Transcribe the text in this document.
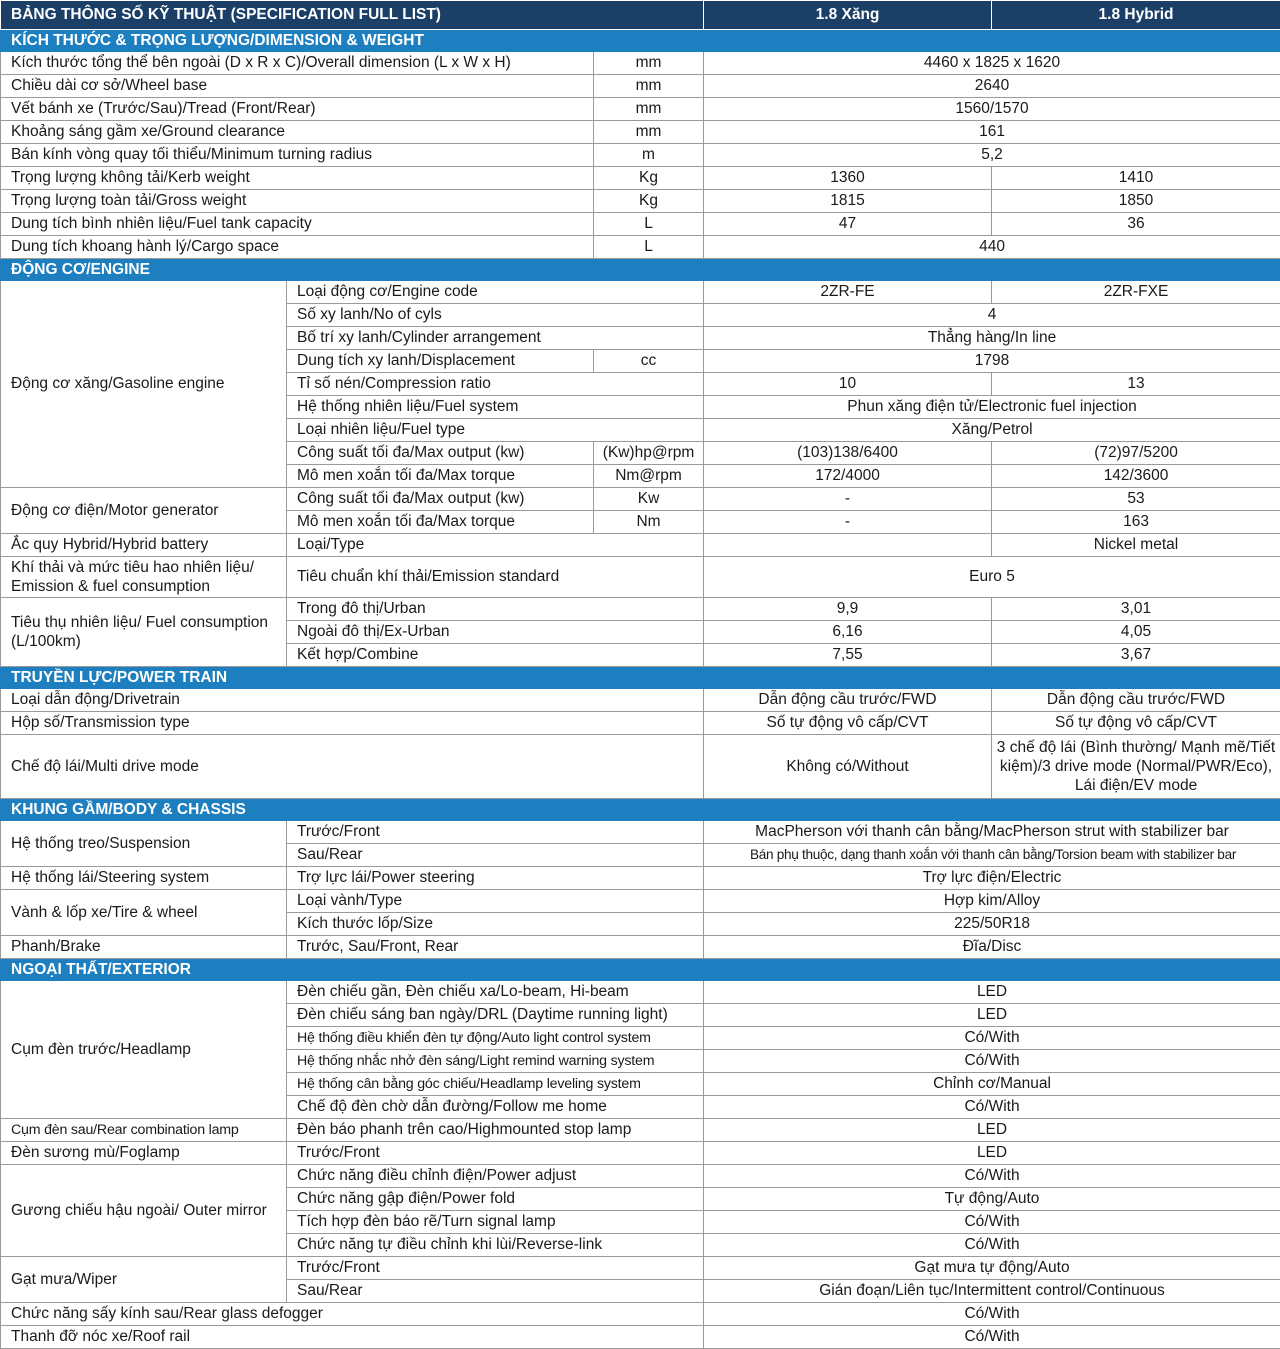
BẢNG THÔNG SỐ KỸ THUẬT (SPECIFICATION FULL LIST)			1.8 Xăng	1.8 Hybrid
KÍCH THƯỚC & TRỌNG LƯỢNG/DIMENSION & WEIGHT				
Kích thước tổng thể bên ngoài (D x R x C)/Overall dimension (L x W x H)		mm	4460 x 1825 x 1620	
Chiều dài cơ sở/Wheel base		mm	2640	
Vết bánh xe (Trước/Sau)/Tread (Front/Rear)		mm	1560/1570	
Khoảng sáng gầm xe/Ground clearance		mm	161	
Bán kính vòng quay tối thiểu/Minimum turning radius		m	5,2	
Trọng lượng không tải/Kerb weight		Kg	1360	1410
Trọng lượng toàn tải/Gross weight		Kg	1815	1850
Dung tích bình nhiên liệu/Fuel tank capacity		L	47	36
Dung tích khoang hành lý/Cargo space		L	440	
ĐỘNG CƠ/ENGINE				
Động cơ xăng/Gasoline engine	Loại động cơ/Engine code		2ZR-FE	2ZR-FXE
	Số xy lanh/No of cyls		4	
	Bố trí xy lanh/Cylinder arrangement		Thẳng hàng/In line	
	Dung tích xy lanh/Displacement	cc	1798	
	Tỉ số nén/Compression ratio		10	13
	Hệ thống nhiên liệu/Fuel system		Phun xăng điện tử/Electronic fuel injection	
	Loại nhiên liệu/Fuel type		Xăng/Petrol	
	Công suất tối đa/Max output (kw)	(Kw)hp@rpm	(103)138/6400	(72)97/5200
	Mô men xoắn tối đa/Max torque	Nm@rpm	172/4000	142/3600
Động cơ điện/Motor generator	Công suất tối đa/Max output (kw)	Kw	-	53
	Mô men xoắn tối đa/Max torque	Nm	-	163
Ắc quy Hybrid/Hybrid battery	Loại/Type			Nickel metal
Khí thải và mức tiêu hao nhiên liệu/ Emission & fuel consumption	Tiêu chuẩn khí thải/Emission standard		Euro 5	
Tiêu thụ nhiên liệu/ Fuel consumption (L/100km)	Trong đô thị/Urban		9,9	3,01
	Ngoài đô thị/Ex-Urban		6,16	4,05
	Kết hợp/Combine		7,55	3,67
TRUYỀN LỰC/POWER TRAIN				
Loại dẫn động/Drivetrain			Dẫn động cầu trước/FWD	Dẫn động cầu trước/FWD
Hộp số/Transmission type			Số tự động vô cấp/CVT	Số tự động vô cấp/CVT
Chế độ lái/Multi drive mode			Không có/Without	3 chế độ lái (Bình thường/ Mạnh mẽ/Tiết kiệm)/3 drive mode (Normal/PWR/Eco), Lái điện/EV mode
KHUNG GẦM/BODY & CHASSIS				
Hệ thống treo/Suspension	Trước/Front		MacPherson với thanh cân bằng/MacPherson strut with stabilizer bar	
	Sau/Rear		Bán phụ thuộc, dạng thanh xoắn với thanh cân bằng/Torsion beam with stabilizer bar	
Hệ thống lái/Steering system	Trợ lực lái/Power steering		Trợ lực điện/Electric	
Vành & lốp xe/Tire & wheel	Loại vành/Type		Hợp kim/Alloy	
	Kích thước lốp/Size		225/50R18	
Phanh/Brake	Trước, Sau/Front, Rear		Đĩa/Disc	
NGOẠI THẤT/EXTERIOR				
Cụm đèn trước/Headlamp	Đèn chiếu gần, Đèn chiếu xa/Lo-beam, Hi-beam		LED	
	Đèn chiếu sáng ban ngày/DRL (Daytime running light)		LED	
	Hệ thống điều khiển đèn tự động/Auto light control system		Có/With	
	Hệ thống nhắc nhở đèn sáng/Light remind warning system		Có/With	
	Hệ thống cân bằng góc chiếu/Headlamp leveling system		Chỉnh cơ/Manual	
	Chế độ đèn chờ dẫn đường/Follow me home		Có/With	
Cụm đèn sau/Rear combination lamp	Đèn báo phanh trên cao/Highmounted stop lamp		LED	
Đèn sương mù/Foglamp	Trước/Front		LED	
Gương chiếu hậu ngoài/ Outer mirror	Chức năng điều chỉnh điện/Power adjust		Có/With	
	Chức năng gập điện/Power fold		Tự động/Auto	
	Tích hợp đèn báo rẽ/Turn signal lamp		Có/With	
	Chức năng tự điều chỉnh khi lùi/Reverse-link		Có/With	
Gạt mưa/Wiper	Trước/Front		Gạt mưa tự động/Auto	
	Sau/Rear		Gián đoạn/Liên tục/Intermittent control/Continuous	
Chức năng sấy kính sau/Rear glass defogger			Có/With	
Thanh đỡ nóc xe/Roof rail			Có/With	
